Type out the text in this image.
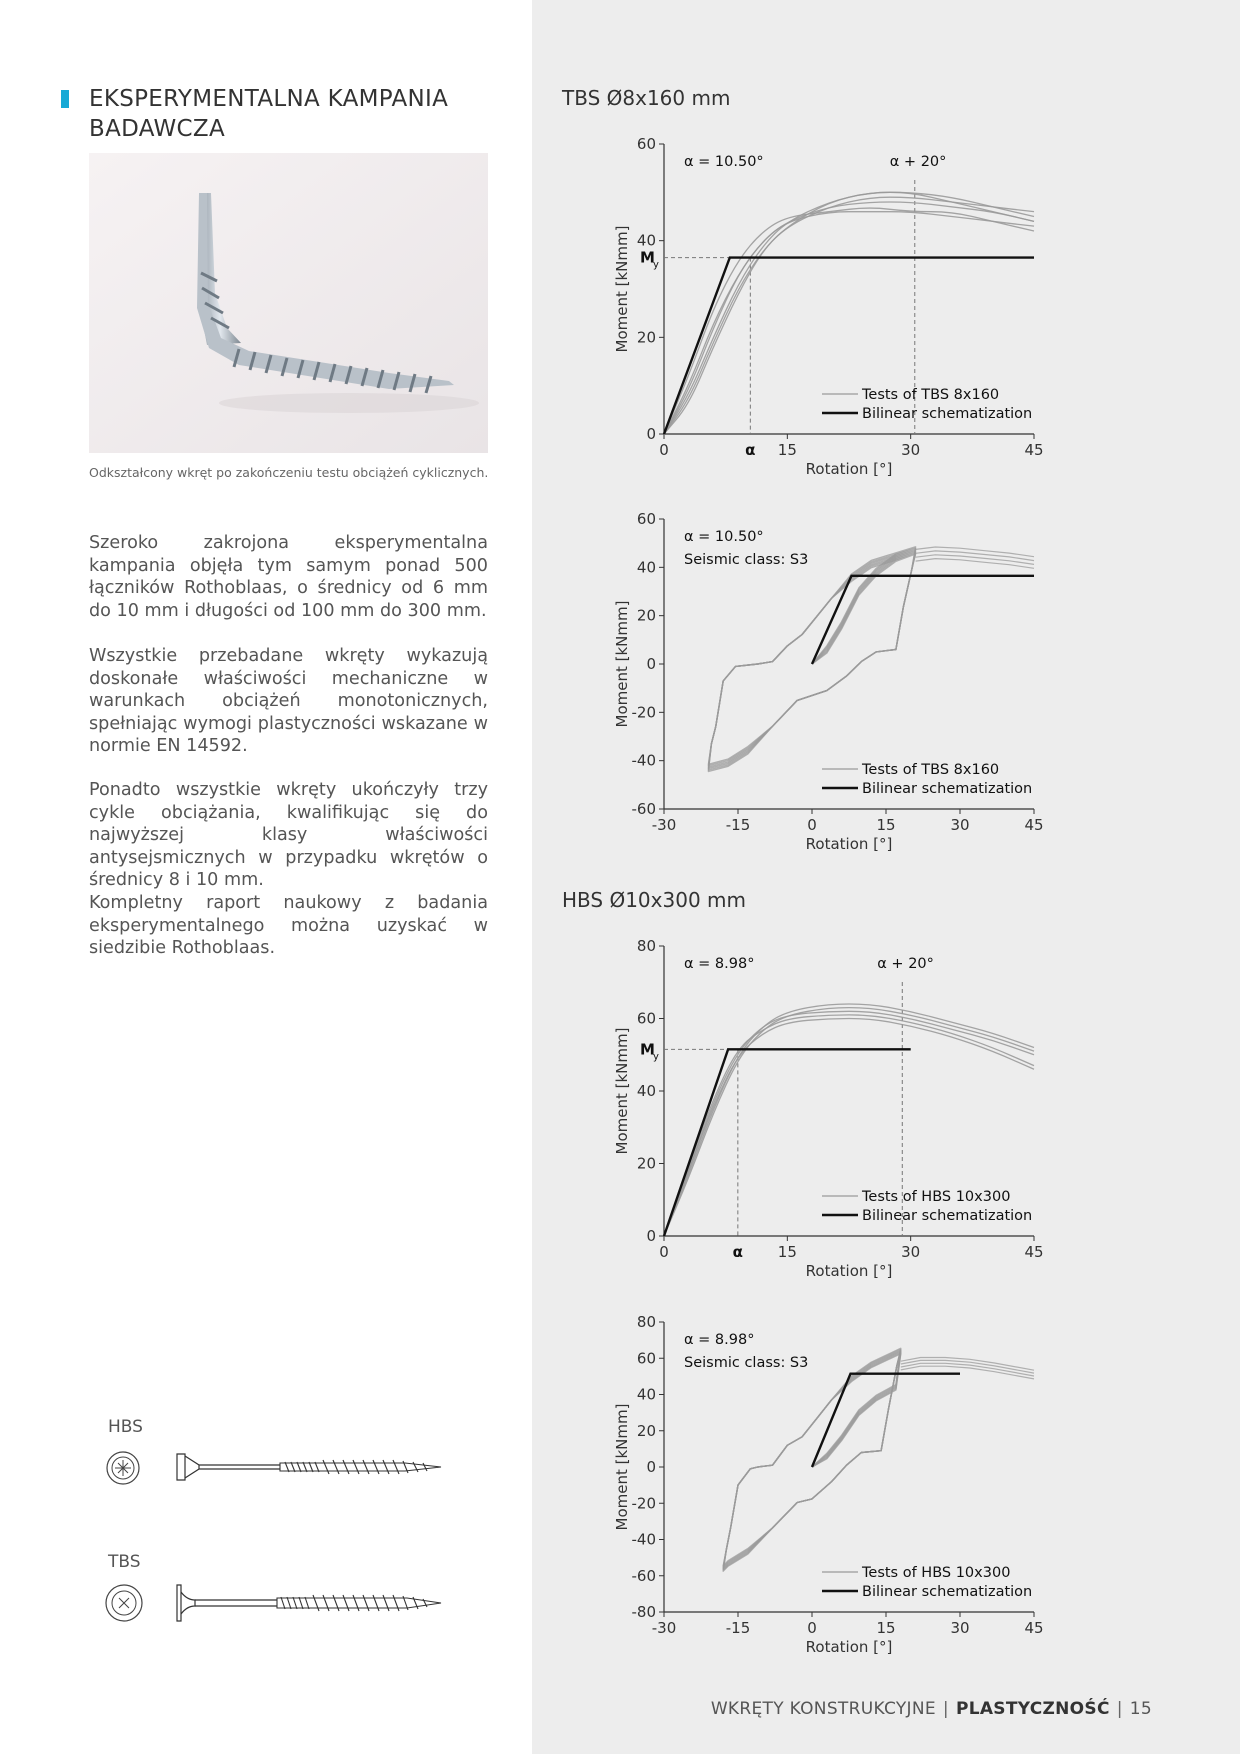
EKSPERYMENTALNA KAMPANIA
BADAWCZA
Odkształcony wkręt po zakończeniu testu obciążeń cyklicznych.

Szeroko zakrojona eksperymentalna kampania objęła tym samym ponad 500 łączników Rothoblaas, o średnicy od 6 mm do 10 mm i długości od 100 mm do 300 mm.

Wszystkie przebadane wkręty wykazują doskonałe właściwości mechaniczne w warunkach obciążeń monotonicznych, spełniając wymogi plastyczności wskazane w normie EN 14592.

Ponadto wszystkie wkręty ukończyły trzy cykle obciążania, kwalifikując się do najwyższej klasy właściwości antysejsmicznych w przypadku wkrętów o średnicy 8 i 10 mm.

Kompletny raport naukowy z badania eksperymentalnego można uzyskać w siedzibie Rothoblaas.

TBS Ø8x160 mm
HBS Ø10x300 mm
0
20
40
60
0	15	30	45
Rotation [°]
Moment [kNmm]
α
M
y
α = 10.50°	α + 20°
Tests of TBS 8x160
Bilinear schematization
-60
-40
-20
0
20
40
60
-30	-15	0	15	30	45
Rotation [°]
Moment [kNmm]
α = 10.50°
Seismic class: S3
Tests of TBS 8x160
Bilinear schematization
0
20
40
60
80
0	15	30	45
Rotation [°]
Moment [kNmm]
α
M
y
α = 8.98°	α + 20°
Tests of HBS 10x300
Bilinear schematization
-80
-60
-40
-20
0
20
40
60
80
-30	-15	0	15	30	45
Rotation [°]
Moment [kNmm]
α = 8.98°
Seismic class: S3
Tests of HBS 10x300
Bilinear schematization
HBS
TBS
WKRĘTY KONSTRUKCYJNE | PLASTYCZNOŚĆ | 15
